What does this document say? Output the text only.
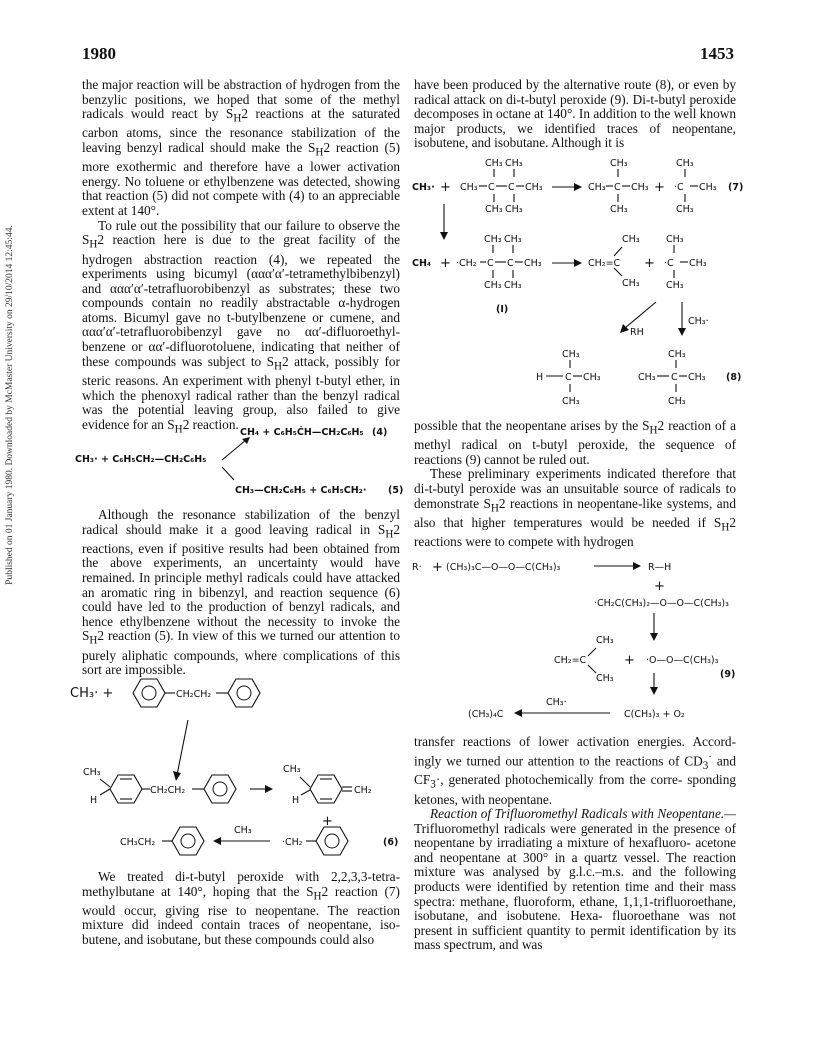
1980	1453
Published on 01 January 1980. Downloaded by McMaster University on 29/10/2014 12:45:44.

the major reaction will be abstraction of hydrogen from the benzylic positions, we hoped that some of the methyl radicals would react by $S_H2$ reactions at the saturated carbon atoms, since the resonance stabilization of the leaving benzyl radical should make the $S_H2$ reaction (5) more exothermic and therefore have a lower activation energy. No toluene or ethylbenzene was detected, showing that reaction (5) did not compete with (4) to an appreciable extent at 140°.

To rule out the possibility that our failure to observe the $S_H2$ reaction here is due to the great facility of the hydrogen abstraction reaction (4), we repeated the experiments using bicumyl (ααα′α′-tetramethylbibenzyl) and ααα′α′-tetrafluorobibenzyl as substrates; these two compounds contain no readily abstractable α-hydrogen atoms. Bicumyl gave no t-butylbenzene or cumene, and ααα′α′-tetrafluorobibenzyl gave no αα′-difluoroethyl- benzene or αα′-difluorotoluene, indicating that neither of these compounds was subject to $S_H2$ attack, possibly for steric reasons. An experiment with phenyl t-butyl ether, in which the phenoxyl radical rather than the benzyl radical was the potential leaving group, also failed to give evidence for an $S_H2$ reaction.

CH₄ + C₆H₅ĊH—CH₂C₆H₅ (4)
CH₃· + C₆H₅CH₂—CH₂C₆H₅
CH₃—CH₂C₆H₅ + C₆H₅CH₂· (5)

Although the resonance stabilization of the benzyl radical should make it a good leaving radical in $S_H2$ reactions, even if positive results had been obtained from the above experiments, an uncertainty would have remained. In principle methyl radicals could have attacked an aromatic ring in bibenzyl, and reaction sequence (6) could have led to the production of benzyl radicals, and hence ethylbenzene without the necessity to invoke the $S_H2$ reaction (5). In view of this we turned our attention to purely aliphatic compounds, where complications of this sort are impossible.

CH₃· +	CH₂CH₂
CH₃
H
CH₂CH₂
CH₃
H
CH₂
+
CH₃CH₂
CH₃
·CH₂	(6)

We treated di-t-butyl peroxide with 2,2,3,3-tetra- methylbutane at 140°, hoping that the $S_H2$ reaction (7) would occur, giving rise to neopentane. The reaction mixture did indeed contain traces of neopentane, iso- butene, and isobutane, but these compounds could also

have been produced by the alternative route (8), or even by radical attack on di-t-butyl peroxide (9). Di-t-butyl peroxide decomposes in octane at 140°. In addition to the well known major products, we identified traces of neopentane, isobutene, and isobutane. Although it is

CH₃ CH₃
CH₃· + CH₃ C C CH₃
CH₃ CH₃
CH₃
CH₃ C CH₃
CH₃
+
CH₃
·C CH₃
CH₃
(7)
CH₃ CH₃
CH₄ + ·CH₂ C C CH₃
CH₃ CH₃
(I)
CH₃
CH₂=C
CH₃
+
CH₃
·C CH₃
CH₃
RH
CH₃·
CH₃
H C CH₃
CH₃
CH₃
CH₃ C CH₃
CH₃
(8)

possible that the neopentane arises by the $S_H2$ reaction of a methyl radical on t-butyl peroxide, the sequence of reactions (9) cannot be ruled out.

These preliminary experiments indicated therefore that di-t-butyl peroxide was an unsuitable source of radicals to demonstrate $S_H2$ reactions in neopentane-like systems, and also that higher temperatures would be needed if $S_H2$ reactions were to compete with hydrogen

R· + (CH₃)₃C—O—O—C(CH₃)₃	R—H
+
·CH₂C(CH₃)₂—O—O—C(CH₃)₃
CH₃
CH₂=C
CH₃
+ ·O—O—C(CH₃)₃
(9)
(CH₃)₄C
CH₃·
C(CH₃)₃ + O₂

transfer reactions of lower activation energies. Accord- ingly we turned our attention to the reactions of $CD_3^\cdot$ and $CF_3\cdot$, generated photochemically from the corre- sponding ketones, with neopentane.

Reaction of Trifluoromethyl Radicals with Neopentane.— Trifluoromethyl radicals were generated in the presence of neopentane by irradiating a mixture of hexafluoro- acetone and neopentane at 300° in a quartz vessel. The reaction mixture was analysed by g.l.c.–m.s. and the following products were identified by retention time and their mass spectra: methane, fluoroform, ethane, 1,1,1-trifluoroethane, isobutane, and isobutene. Hexa- fluoroethane was not present in sufficient quantity to permit identification by its mass spectrum, and was
